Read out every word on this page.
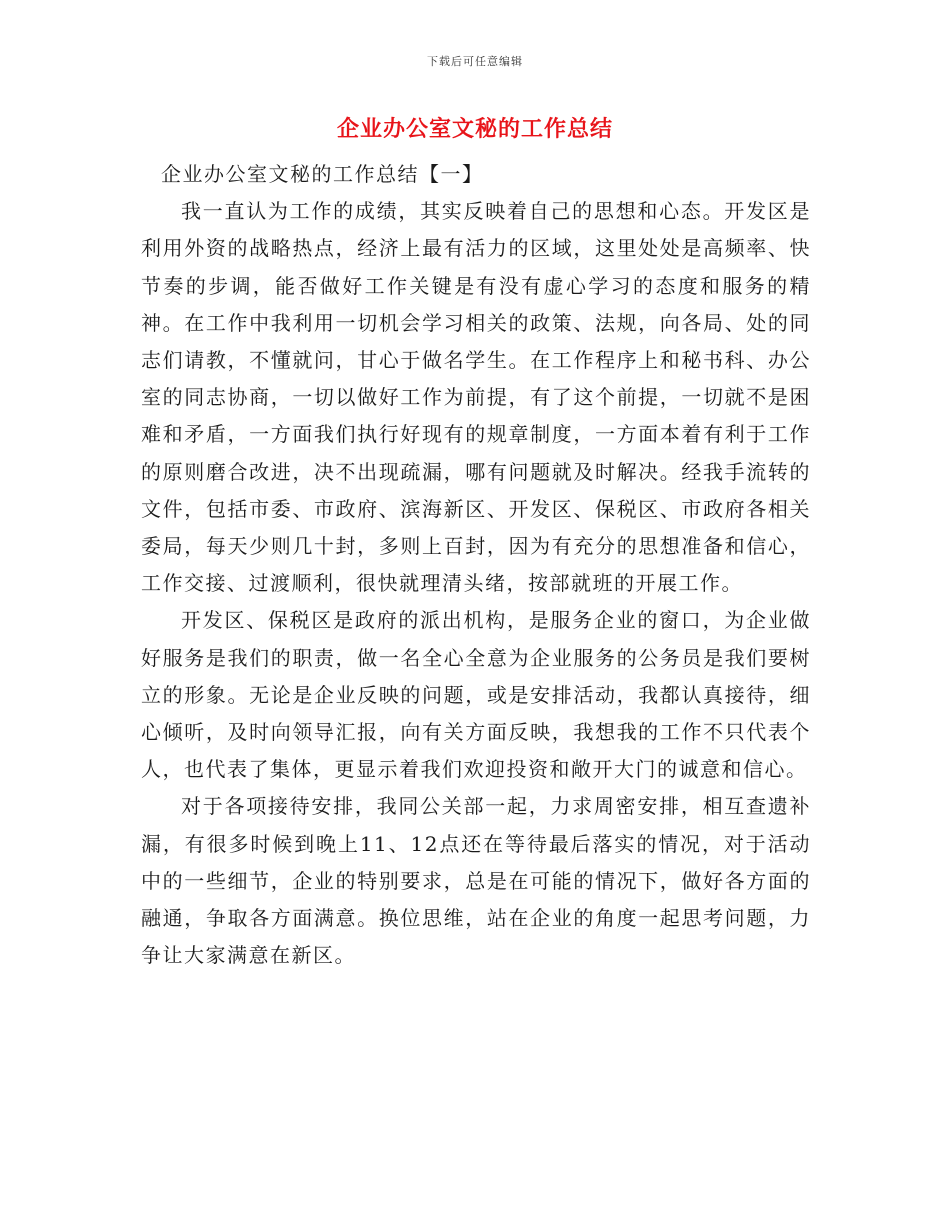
下载后可任意编辑
企业办公室文秘的工作总结

企业办公室文秘的工作总结【一】

我一直认为工作的成绩，其实反映着自己的思想和心态。开发区是利用外资的战略热点，经济上最有活力的区域，这里处处是高频率、快节奏的步调，能否做好工作关键是有没有虚心学习的态度和服务的精神。在工作中我利用一切机会学习相关的政策、法规，向各局、处的同志们请教，不懂就问，甘心于做名学生。在工作程序上和秘书科、办公室的同志协商，一切以做好工作为前提，有了这个前提，一切就不是困难和矛盾，一方面我们执行好现有的规章制度，一方面本着有利于工作的原则磨合改进，决不出现疏漏，哪有问题就及时解决。经我手流转的文件，包括市委、市政府、滨海新区、开发区、保税区、市政府各相关委局，每天少则几十封，多则上百封，因为有充分的思想准备和信心，工作交接、过渡顺利，很快就理清头绪，按部就班的开展工作。

开发区、保税区是政府的派出机构，是服务企业的窗口，为企业做好服务是我们的职责，做一名全心全意为企业服务的公务员是我们要树立的形象。无论是企业反映的问题，或是安排活动，我都认真接待，细心倾听，及时向领导汇报，向有关方面反映，我想我的工作不只代表个人，也代表了集体，更显示着我们欢迎投资和敞开大门的诚意和信心。

对于各项接待安排，我同公关部一起，力求周密安排，相互查遗补漏，有很多时候到晚上11、12点还在等待最后落实的情况，对于活动中的一些细节，企业的特别要求，总是在可能的情况下，做好各方面的融通，争取各方面满意。换位思维，站在企业的角度一起思考问题，力争让大家满意在新区。
